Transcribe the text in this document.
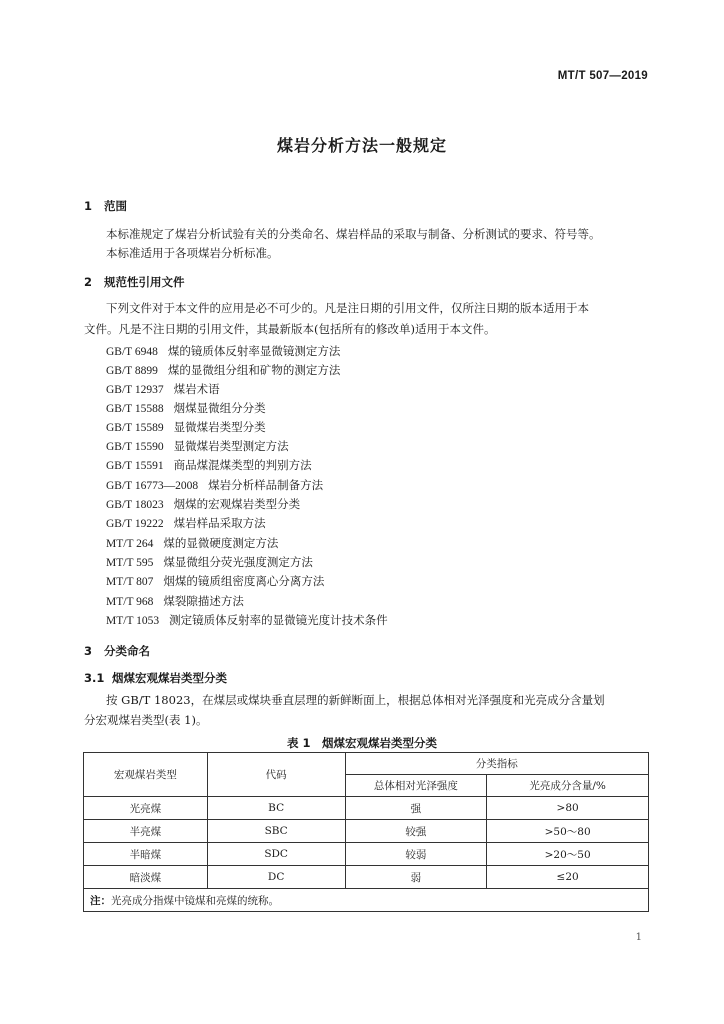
MT/T 507—2019
煤岩分析方法一般规定
1 范围
本标准规定了煤岩分析试验有关的分类命名、煤岩样品的采取与制备、分析测试的要求、符号等。
本标准适用于各项煤岩分析标准。
2 规范性引用文件
下列文件对于本文件的应用是必不可少的。凡是注日期的引用文件，仅所注日期的版本适用于本
文件。凡是不注日期的引用文件，其最新版本(包括所有的修改单)适用于本文件。
GB/T 6948 煤的镜质体反射率显微镜测定方法
GB/T 8899 煤的显微组分组和矿物的测定方法
GB/T 12937 煤岩术语
GB/T 15588 烟煤显微组分分类
GB/T 15589 显微煤岩类型分类
GB/T 15590 显微煤岩类型测定方法
GB/T 15591 商品煤混煤类型的判别方法
GB/T 16773—2008 煤岩分析样品制备方法
GB/T 18023 烟煤的宏观煤岩类型分类
GB/T 19222 煤岩样品采取方法
MT/T 264 煤的显微硬度测定方法
MT/T 595 煤显微组分荧光强度测定方法
MT/T 807 烟煤的镜质组密度离心分离方法
MT/T 968 煤裂隙描述方法
MT/T 1053 测定镜质体反射率的显微镜光度计技术条件
3 分类命名
3.1 烟煤宏观煤岩类型分类
按 GB/T 18023，在煤层或煤块垂直层理的新鲜断面上，根据总体相对光泽强度和光亮成分含量划
分宏观煤岩类型(表 1)。
表 1　烟煤宏观煤岩类型分类
宏观煤岩类型	代码	分类指标	
		总体相对光泽强度	光亮成分含量/%
光亮煤	BC	强	>80
半亮煤	SBC	较强	>50～80
半暗煤	SDC	较弱	>20～50
暗淡煤	DC	弱	≤20
注：光亮成分指煤中镜煤和亮煤的统称。			
1
